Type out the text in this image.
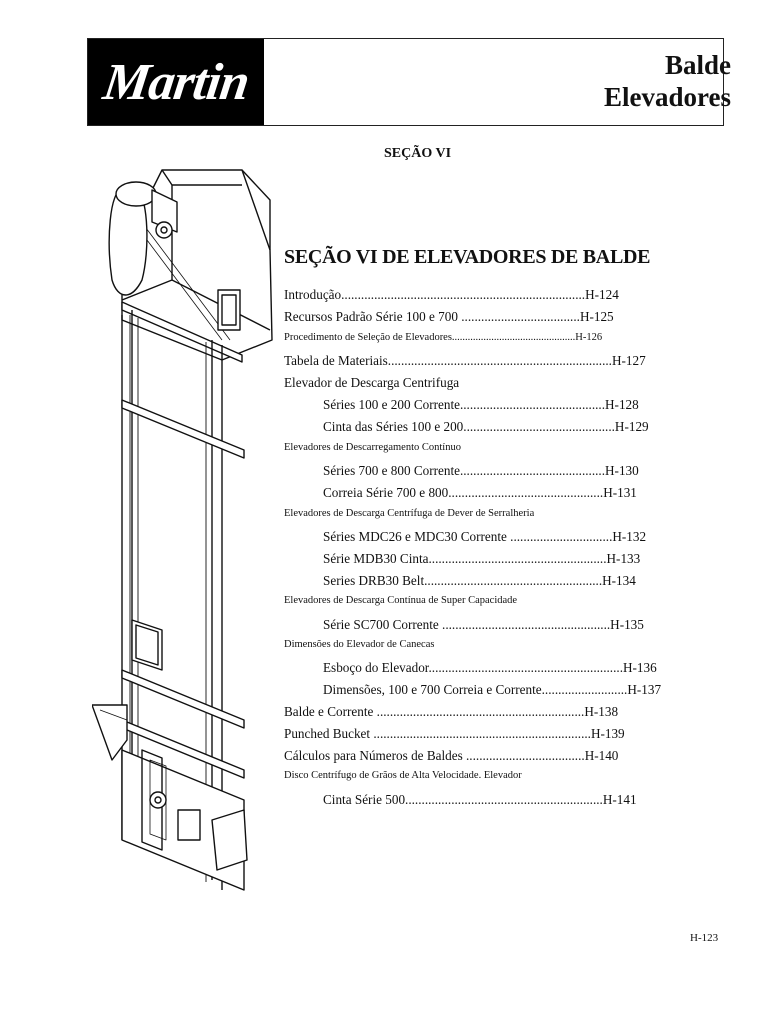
Martin	Balde
Elevadores
SEÇÃO VI
SEÇÃO VI DE ELEVADORES DE BALDE
Introdução..........................................................................H-124
Recursos Padrão Série 100 e 700 ....................................H-125
Procedimento de Seleção de Elevadores...............................................H-126
Tabela de Materiais....................................................................H-127
Elevador de Descarga Centrifuga
Séries 100 e 200 Corrente............................................H-128
Cinta das Séries 100 e 200..............................................H-129
Elevadores de Descarregamento Contínuo
Séries 700 e 800 Corrente............................................H-130
Correia Série 700 e 800...............................................H-131
Elevadores de Descarga Centrífuga de Dever de Serralheria
Séries MDC26 e MDC30 Corrente ...............................H-132
Série MDB30 Cinta......................................................H-133
Series DRB30 Belt......................................................H-134
Elevadores de Descarga Contínua de Super Capacidade
Série SC700 Corrente ...................................................H-135
Dimensões do Elevador de Canecas
Esboço do Elevador...........................................................H-136
Dimensões, 100 e 700 Correia e Corrente..........................H-137
Balde e Corrente ...............................................................H-138
Punched Bucket ..................................................................H-139
Cálculos para Números de Baldes ....................................H-140
Disco Centrífugo de Grãos de Alta Velocidade. Elevador
Cinta Série 500............................................................H-141
H-123
